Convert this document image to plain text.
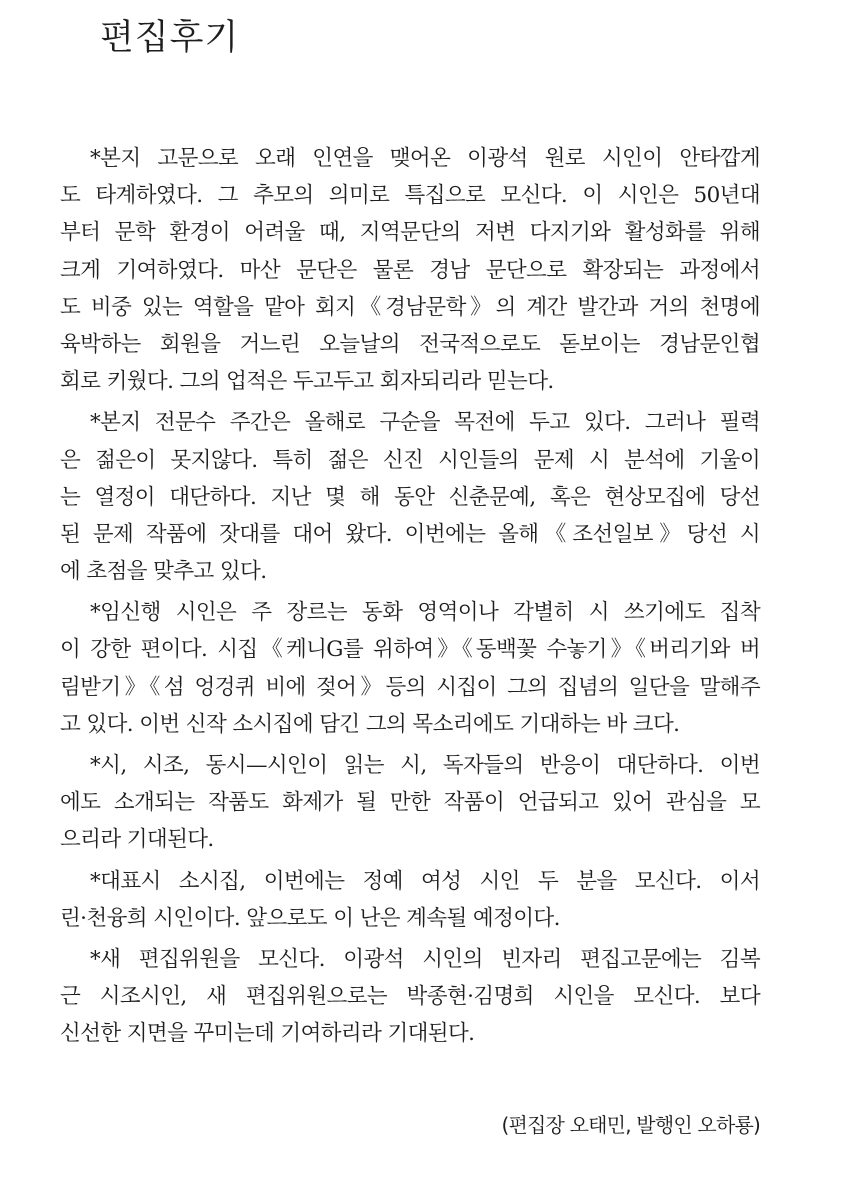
편집후기
*본지 고문으로 오래 인연을 맺어온 이광석 원로 시인이 안타깝게
도 타계하였다. 그 추모의 의미로 특집으로 모신다. 이 시인은 50년대
부터 문학 환경이 어려울 때, 지역문단의 저변 다지기와 활성화를 위해
크게 기여하였다. 마산 문단은 물론 경남 문단으로 확장되는 과정에서
도 비중 있는 역할을 맡아 회지《경남문학》의 계간 발간과 거의 천명에
육박하는 회원을 거느린 오늘날의 전국적으로도 돋보이는 경남문인협
회로 키웠다. 그의 업적은 두고두고 회자되리라 믿는다.
*본지 전문수 주간은 올해로 구순을 목전에 두고 있다. 그러나 필력
은 젊은이 못지않다. 특히 젊은 신진 시인들의 문제 시 분석에 기울이
는 열정이 대단하다. 지난 몇 해 동안 신춘문예, 혹은 현상모집에 당선
된 문제 작품에 잣대를 대어 왔다. 이번에는 올해《조선일보》당선 시
에 초점을 맞추고 있다.
*임신행 시인은 주 장르는 동화 영역이나 각별히 시 쓰기에도 집착
이 강한 편이다. 시집《케니G를 위하여》《동백꽃 수놓기》《버리기와 버
림받기》《섬 엉겅퀴 비에 젖어》등의 시집이 그의 집념의 일단을 말해주
고 있다. 이번 신작 소시집에 담긴 그의 목소리에도 기대하는 바 크다.
*시, 시조, 동시—시인이 읽는 시, 독자들의 반응이 대단하다. 이번
에도 소개되는 작품도 화제가 될 만한 작품이 언급되고 있어 관심을 모
으리라 기대된다.
*대표시 소시집, 이번에는 정예 여성 시인 두 분을 모신다. 이서
린·천융희 시인이다. 앞으로도 이 난은 계속될 예정이다.
*새 편집위원을 모신다. 이광석 시인의 빈자리 편집고문에는 김복
근 시조시인, 새 편집위원으로는 박종현·김명희 시인을 모신다. 보다
신선한 지면을 꾸미는데 기여하리라 기대된다.
(편집장 오태민, 발행인 오하룡)
